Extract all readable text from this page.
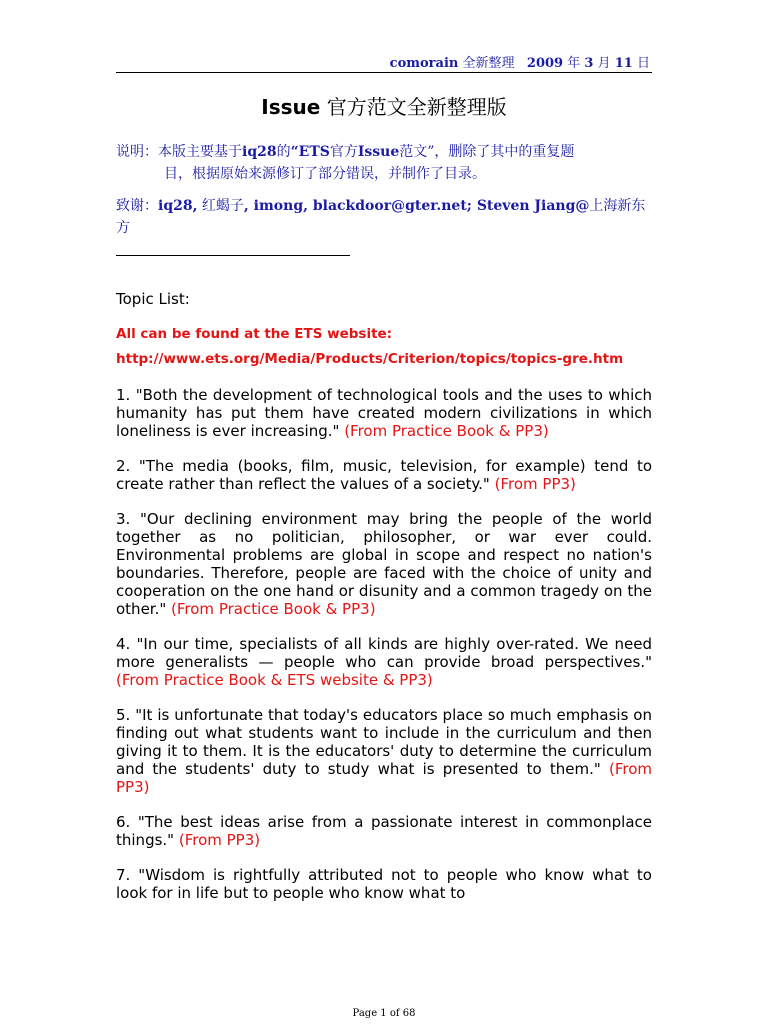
comorain 全新整理 2009 年 3 月 11 日
Issue 官方范文全新整理版
说明：本版主要基于iq28的“ETS官方Issue范文”，删除了其中的重复题
目，根据原始来源修订了部分错误，并制作了目录。
致谢：iq28, 红蝎子, imong, blackdoor@gter.net; Steven Jiang@上海新东方
Topic List:
All can be found at the ETS website:
http://www.ets.org/Media/Products/Criterion/topics/topics-gre.htm

1. "Both the development of technological tools and the uses to which humanity has put them have created modern civilizations in which loneliness is ever increasing." (From Practice Book & PP3)

2. "The media (books, film, music, television, for example) tend to create rather than reflect the values of a society." (From PP3)

3. "Our declining environment may bring the people of the world together as no politician, philosopher, or war ever could. Environmental problems are global in scope and respect no nation's boundaries. Therefore, people are faced with the choice of unity and cooperation on the one hand or disunity and a common tragedy on the other." (From Practice Book & PP3)

4. "In our time, specialists of all kinds are highly over-rated. We need more generalists — people who can provide broad perspectives." (From Practice Book & ETS website & PP3)

5. "It is unfortunate that today's educators place so much emphasis on finding out what students want to include in the curriculum and then giving it to them. It is the educators' duty to determine the curriculum and the students' duty to study what is presented to them." (From PP3)

6. "The best ideas arise from a passionate interest in commonplace things." (From PP3)

7. "Wisdom is rightfully attributed not to people who know what to look for in life but to people who know what to

Page 1 of 68
